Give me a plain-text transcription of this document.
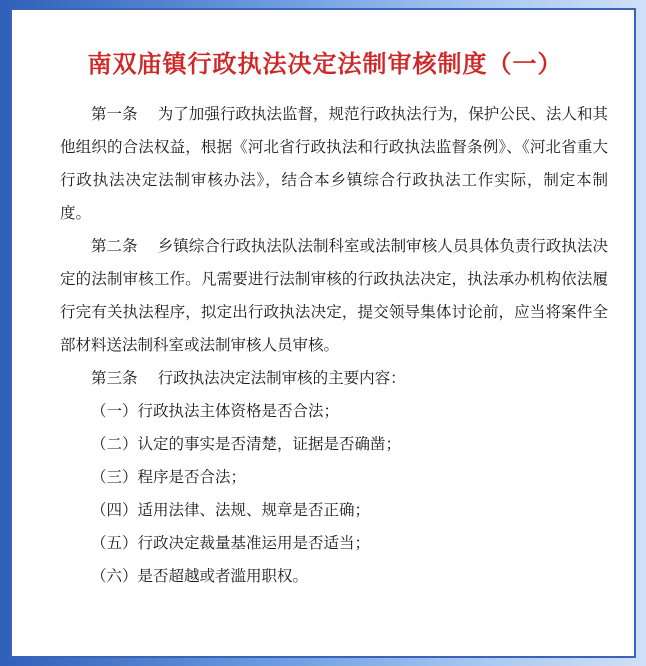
南双庙镇行政执法决定法制审核制度（一）

第一条 为了加强行政执法监督，规范行政执法行为，保护公民、法人和其他组织的合法权益，根据《河北省行政执法和行政执法监督条例》、《河北省重大行政执法决定法制审核办法》，结合本乡镇综合行政执法工作实际，制定本制度。

第二条 乡镇综合行政执法队法制科室或法制审核人员具体负责行政执法决定的法制审核工作。凡需要进行法制审核的行政执法决定，执法承办机构依法履行完有关执法程序，拟定出行政执法决定，提交领导集体讨论前，应当将案件全部材料送法制科室或法制审核人员审核。

第三条 行政执法决定法制审核的主要内容：

（一）行政执法主体资格是否合法；

（二）认定的事实是否清楚，证据是否确凿；

（三）程序是否合法；

（四）适用法律、法规、规章是否正确；

（五）行政决定裁量基准运用是否适当；

（六）是否超越或者滥用职权。
